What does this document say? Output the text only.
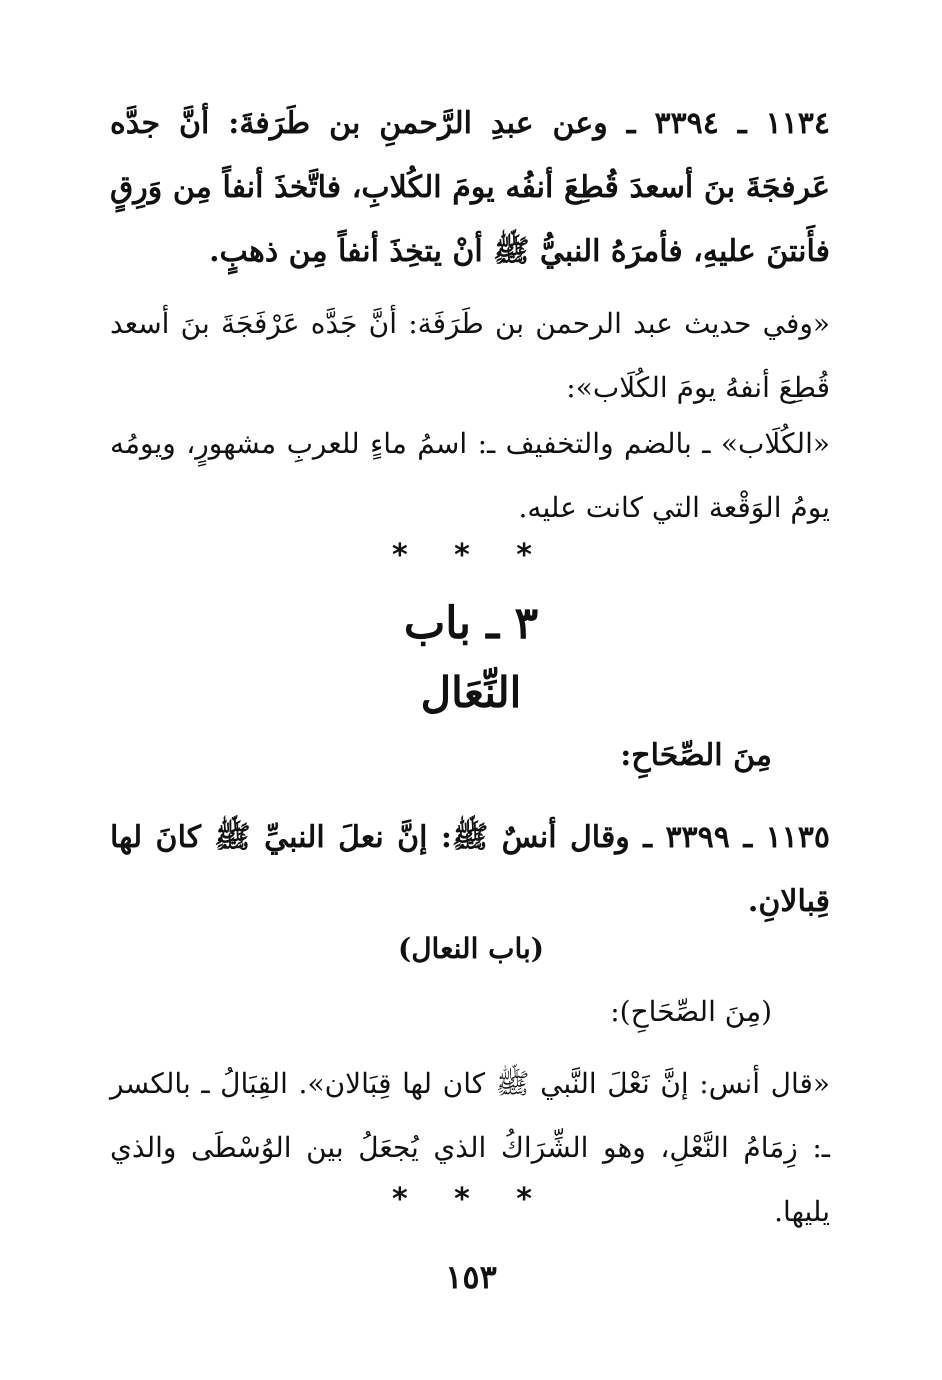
١١٣٤ ـ ٣٣٩٤ ـ وعن عبدِ الرَّحمنِ بن طَرَفةَ: أنَّ جدَّه عَرفجَةَ بنَ أسعدَ قُطِعَ أنفُه يومَ الكُلابِ، فاتَّخذَ أنفاً مِن وَرِقٍ فأَنتنَ عليهِ، فأمرَهُ النبيُّ ﷺ أنْ يتخِذَ أنفاً مِن ذهبٍ.

«وفي حديث عبد الرحمن بن طَرَفَة: أنَّ جَدَّه عَرْفَجَةَ بنَ أسعد قُطِعَ أنفهُ يومَ الكُلَاب»:

«الكُلَاب» ـ بالضم والتخفيف ـ: اسمُ ماءٍ للعربِ مشهورٍ، ويومُه يومُ الوَقْعة التي كانت عليه.

* * *
٣ ـ باب
النِّعَال
مِنَ الصِّحَاحِ:

١١٣٥ ـ ٣٣٩٩ ـ وقال أنسٌ ﷺ: إنَّ نعلَ النبيِّ ﷺ كانَ لها قِبالانِ.

(باب النعال)
(مِنَ الصِّحَاحِ):

«قال أنس: إنَّ نَعْلَ النَّبي ﷺ كان لها قِبَالان». القِبَالُ ـ بالكسر ـ: زِمَامُ النَّعْلِ، وهو الشِّرَاكُ الذي يُجعَلُ بين الوُسْطَى والذي يليها.

* * *
١٥٣
